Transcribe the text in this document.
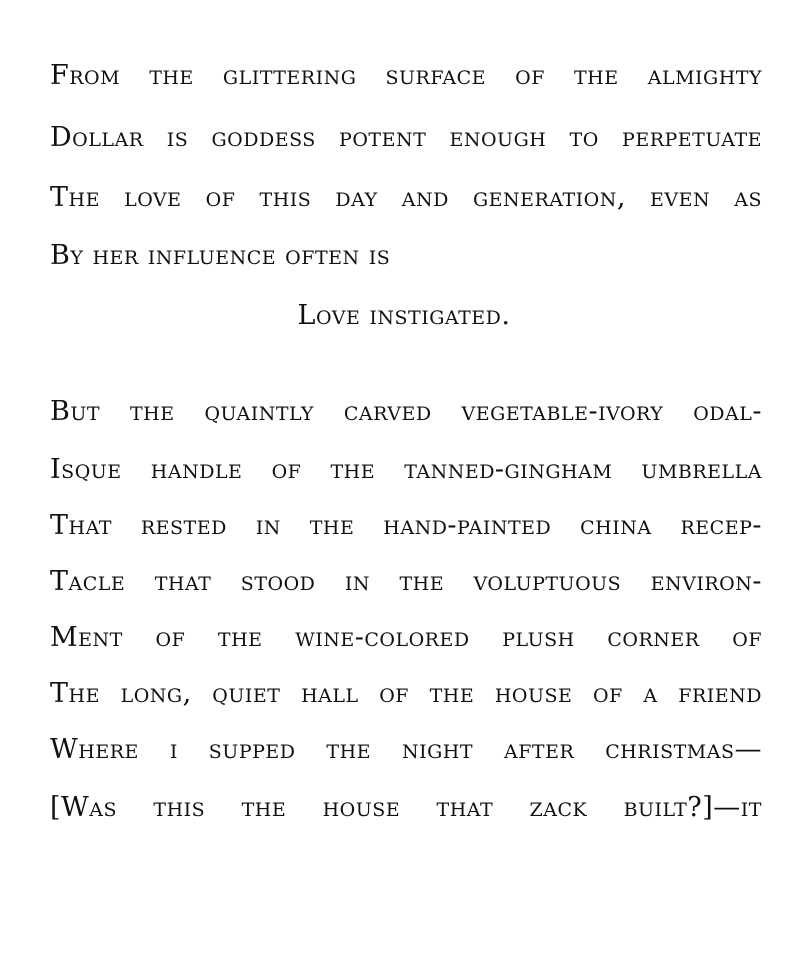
From the glittering surface of the almighty
Dollar is goddess potent enough to perpetuate
The love of this day and generation, even as
By her influence often is
Love instigated.
But the quaintly carved vegetable-ivory odal-
Isque handle of the tanned-gingham umbrella
That rested in the hand-painted china recep-
Tacle that stood in the voluptuous environ-
Ment of the wine-colored plush corner of
The long, quiet hall of the house of a friend
Where i supped the night after christmas—
[Was this the house that zack built?]—it
